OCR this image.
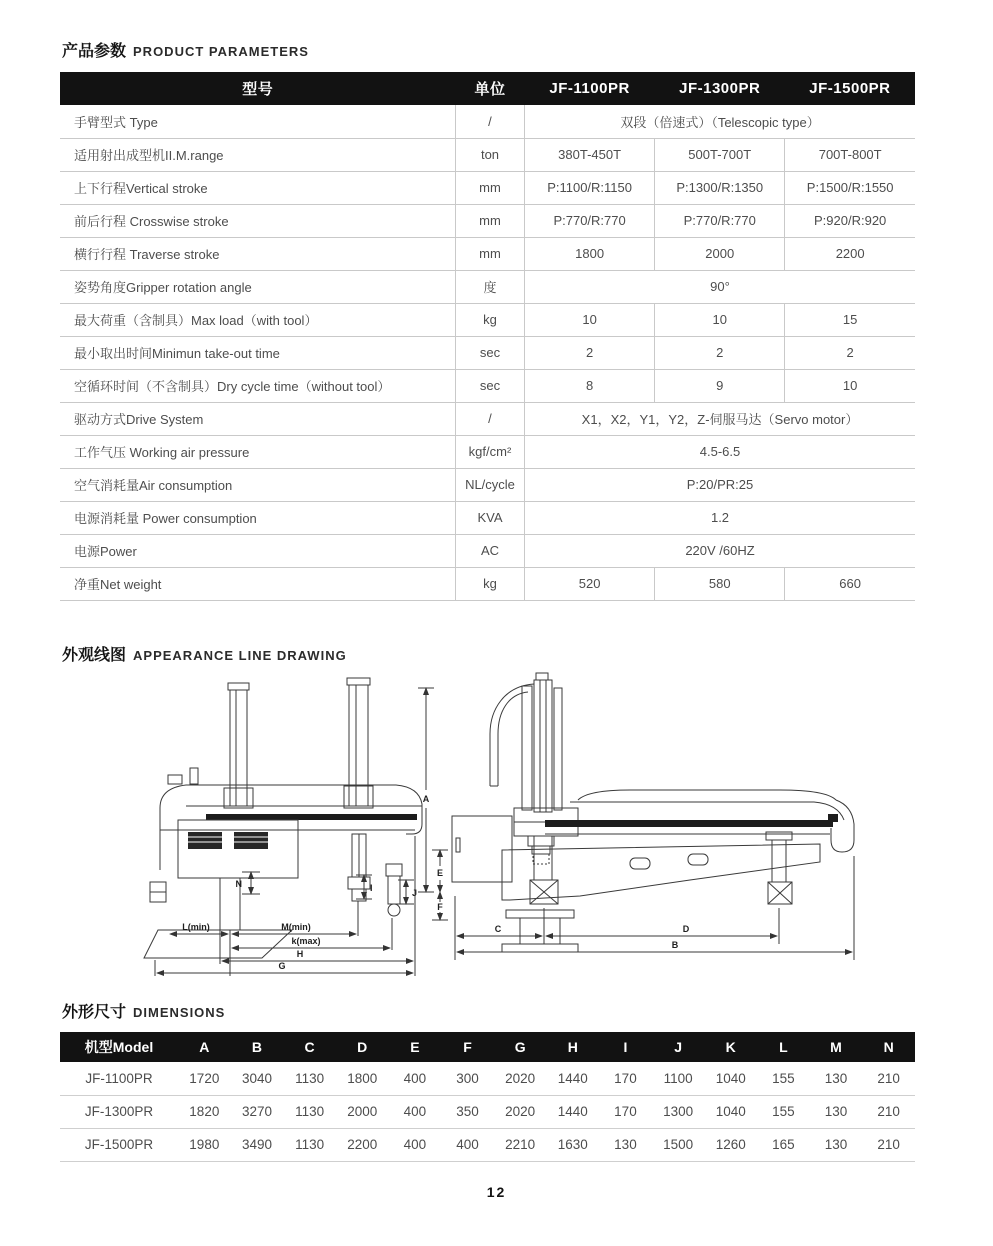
产品参数 PRODUCT PARAMETERS
型号	单位	JF-1100PR	JF-1300PR	JF-1500PR
手臂型式 Type	/	双段（倍速式）（Telescopic type）		
适用射出成型机II.M.range	ton	380T-450T	500T-700T	700T-800T
上下行程Vertical stroke	mm	P:1100/R:1150	P:1300/R:1350	P:1500/R:1550
前后行程 Crosswise stroke	mm	P:770/R:770	P:770/R:770	P:920/R:920
横行行程 Traverse stroke	mm	1800	2000	2200
姿势角度Gripper rotation angle	度	90°		
最大荷重（含制具）Max load（with tool）	kg	10	10	15
最小取出时间Minimun take-out time	sec	2	2	2
空循环时间（不含制具）Dry cycle time（without tool）	sec	8	9	10
驱动方式Drive System	/	X1，X2，Y1，Y2，Z-伺服马达（Servo motor）		
工作气压 Working air pressure	kgf/cm²	4.5-6.5		
空气消耗量Air consumption	NL/cycle	P:20/PR:25		
电源消耗量 Power consumption	KVA	1.2		
电源Power	AC	220V /60HZ		
净重Net weight	kg	520	580	660
外观线图 APPEARANCE LINE DRAWING
N	I	J
L(min)	M(min)
k(max)
H
G
A
E
F
C	D
B
外形尺寸 DIMENSIONS
机型Model	A	B	C	D	E	F	G	H	I	J	K	L	M	N
JF-1100PR	1720	3040	1130	1800	400	300	2020	1440	170	1100	1040	155	130	210
JF-1300PR	1820	3270	1130	2000	400	350	2020	1440	170	1300	1040	155	130	210
JF-1500PR	1980	3490	1130	2200	400	400	2210	1630	130	1500	1260	165	130	210
12
